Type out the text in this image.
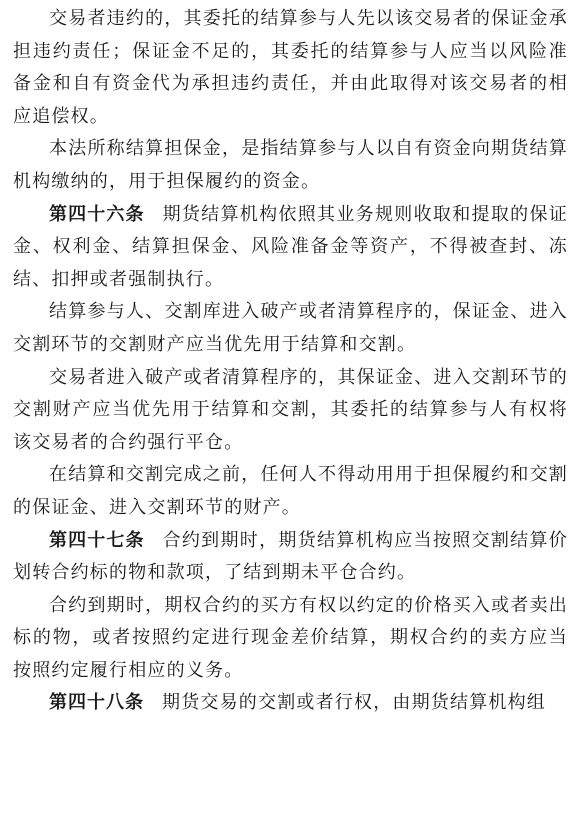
交易者违约的，其委托的结算参与人先以该交易者的保证金承担违约责任；保证金不足的，其委托的结算参与人应当以风险准备金和自有资金代为承担违约责任，并由此取得对该交易者的相应追偿权。

本法所称结算担保金，是指结算参与人以自有资金向期货结算机构缴纳的，用于担保履约的资金。

第四十六条 期货结算机构依照其业务规则收取和提取的保证金、权利金、结算担保金、风险准备金等资产，不得被查封、冻结、扣押或者强制执行。

结算参与人、交割库进入破产或者清算程序的，保证金、进入交割环节的交割财产应当优先用于结算和交割。

交易者进入破产或者清算程序的，其保证金、进入交割环节的交割财产应当优先用于结算和交割，其委托的结算参与人有权将该交易者的合约强行平仓。

在结算和交割完成之前，任何人不得动用用于担保履约和交割的保证金、进入交割环节的财产。

第四十七条 合约到期时，期货结算机构应当按照交割结算价划转合约标的物和款项，了结到期未平仓合约。

合约到期时，期权合约的买方有权以约定的价格买入或者卖出标的物，或者按照约定进行现金差价结算，期权合约的卖方应当按照约定履行相应的义务。

第四十八条 期货交易的交割或者行权，由期货结算机构组
